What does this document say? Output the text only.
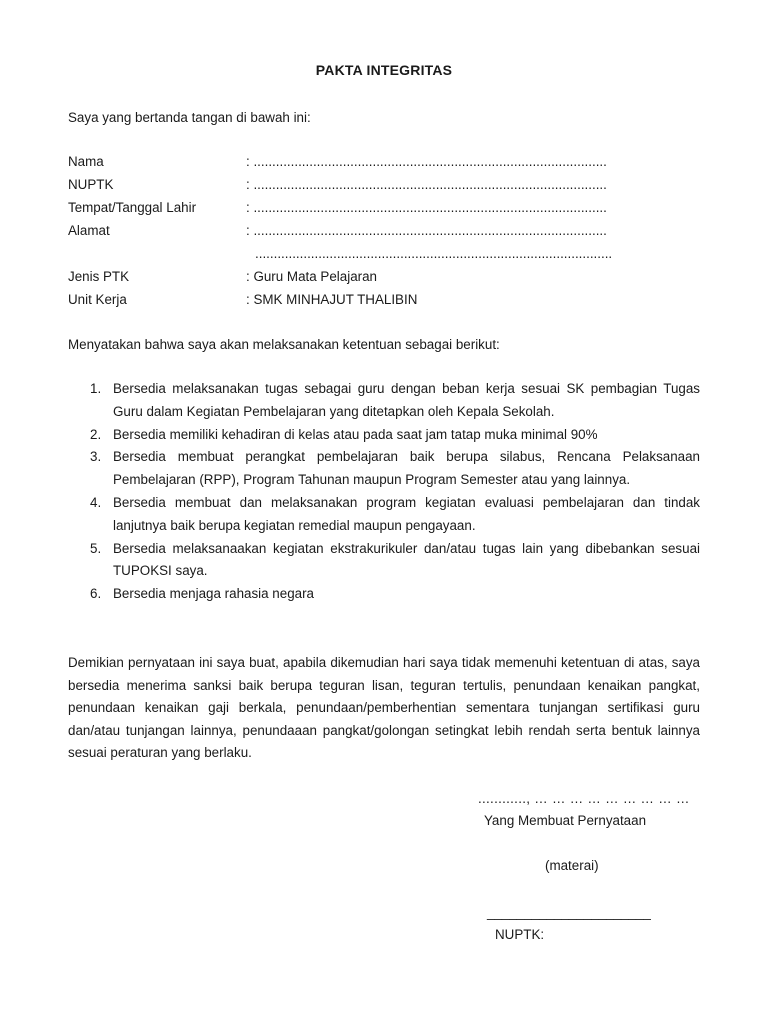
PAKTA INTEGRITAS
Saya yang bertanda tangan di bawah ini:
Nama	: ...............................................................................................
NUPTK	: ...............................................................................................
Tempat/Tanggal Lahir	: ...............................................................................................
Alamat	: ...............................................................................................
................................................................................................
Jenis PTK	: Guru Mata Pelajaran
Unit Kerja	: SMK MINHAJUT THALIBIN
Menyatakan bahwa saya akan melaksanakan ketentuan sebagai berikut:
1. Bersedia melaksanakan tugas sebagai guru dengan beban kerja sesuai SK pembagian Tugas Guru dalam Kegiatan Pembelajaran yang ditetapkan oleh Kepala Sekolah.
2. Bersedia memiliki kehadiran di kelas atau pada saat jam tatap muka minimal 90%
3. Bersedia membuat perangkat pembelajaran baik berupa silabus, Rencana Pelaksanaan Pembelajaran (RPP), Program Tahunan maupun Program Semester atau yang lainnya.
4. Bersedia membuat dan melaksanakan program kegiatan evaluasi pembelajaran dan tindak lanjutnya baik berupa kegiatan remedial maupun pengayaan.
5. Bersedia melaksanaakan kegiatan ekstrakurikuler dan/atau tugas lain yang dibebankan sesuai TUPOKSI saya.
6. Bersedia menjaga rahasia negara

Demikian pernyataan ini saya buat, apabila dikemudian hari saya tidak memenuhi ketentuan di atas, saya bersedia menerima sanksi baik berupa teguran lisan, teguran tertulis, penundaan kenaikan pangkat, penundaan kenaikan gaji berkala, penundaan/pemberhentian sementara tunjangan sertifikasi guru dan/atau tunjangan lainnya, penundaaan pangkat/golongan setingkat lebih rendah serta bentuk lainnya sesuai peraturan yang berlaku.

............, … … … … … … … … …
Yang Membuat Pernyataan
(materai)
______________________
NUPTK:
